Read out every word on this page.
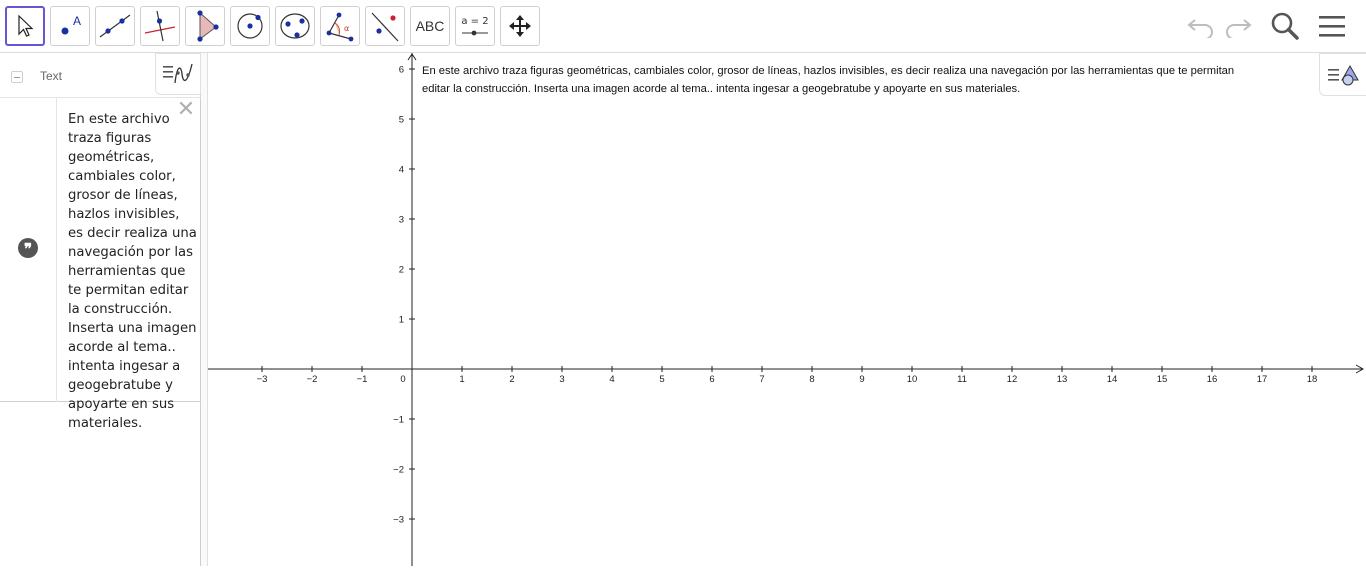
A
α	ABC a = 2
Text
❞
En este archivo traza figuras geométricas, cambiales color, grosor de líneas, hazlos invisibles, es decir realiza una navegación por las herramientas que te permitan editar la construcción. Inserta una imagen acorde al tema.. intenta ingesar a geogebratube y apoyarte en sus materiales.
✕
−3	−2	−1	0	1	2	3	4	5	6	7	8	9	10	11	12	13	14	15	16	17	18
6
5
4
3
2
1
−1
−2
−3
En este archivo traza figuras geométricas, cambiales color, grosor de líneas, hazlos invisibles, es decir realiza una navegación por las herramientas que te permitan
editar la construcción. Inserta una imagen acorde al tema.. intenta ingesar a geogebratube y apoyarte en sus materiales.
